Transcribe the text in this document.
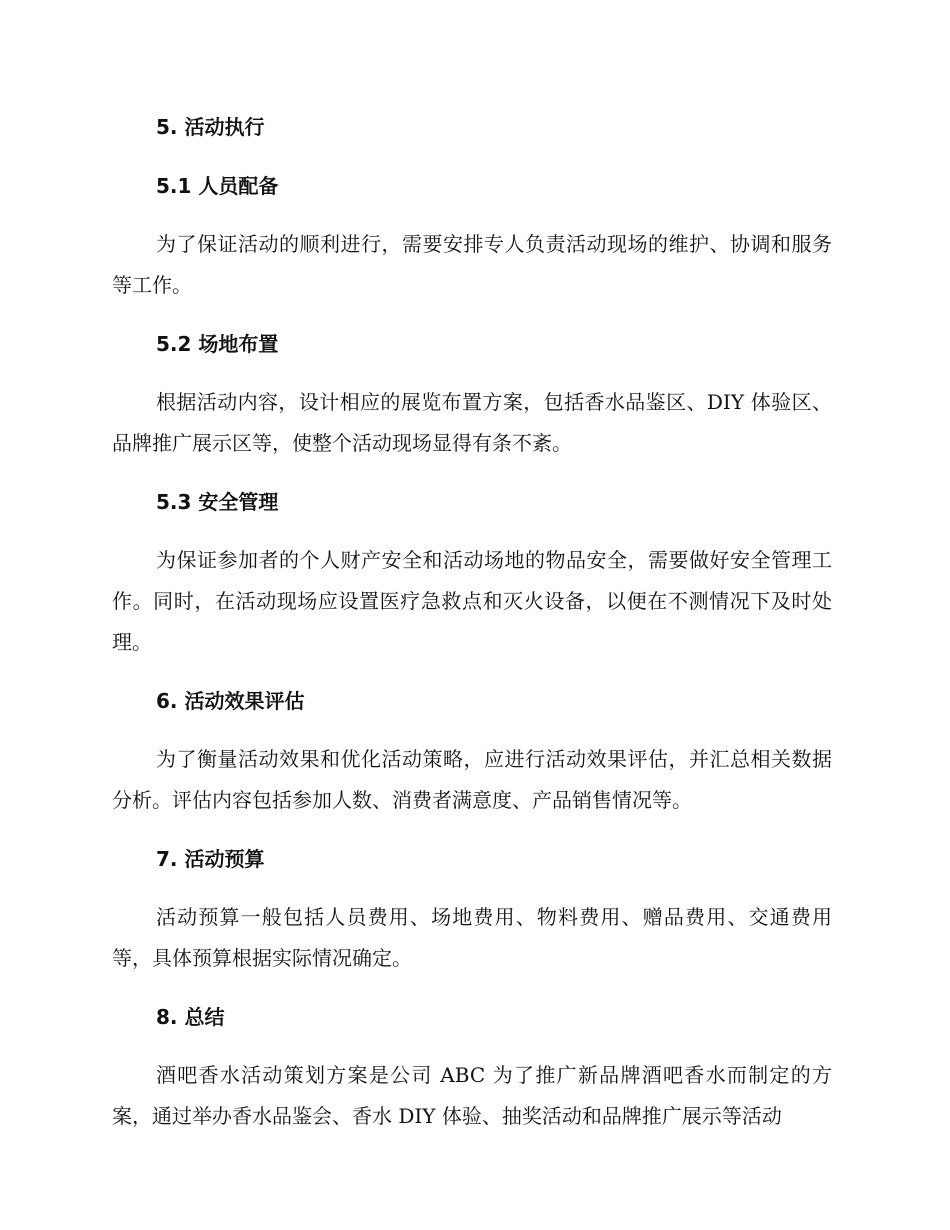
5. 活动执行
5.1 人员配备

为了保证活动的顺利进行，需要安排专人负责活动现场的维护、协调和服务等工作。

5.2 场地布置

根据活动内容，设计相应的展览布置方案，包括香水品鉴区、DIY 体验区、品牌推广展示区等，使整个活动现场显得有条不紊。

5.3 安全管理

为保证参加者的个人财产安全和活动场地的物品安全，需要做好安全管理工作。同时，在活动现场应设置医疗急救点和灭火设备，以便在不测情况下及时处理。

6. 活动效果评估

为了衡量活动效果和优化活动策略，应进行活动效果评估，并汇总相关数据分析。评估内容包括参加人数、消费者满意度、产品销售情况等。

7. 活动预算

活动预算一般包括人员费用、场地费用、物料费用、赠品费用、交通费用等，具体预算根据实际情况确定。

8. 总结

酒吧香水活动策划方案是公司 ABC 为了推广新品牌酒吧香水而制定的方案，通过举办香水品鉴会、香水 DIY 体验、抽奖活动和品牌推广展示等活动
